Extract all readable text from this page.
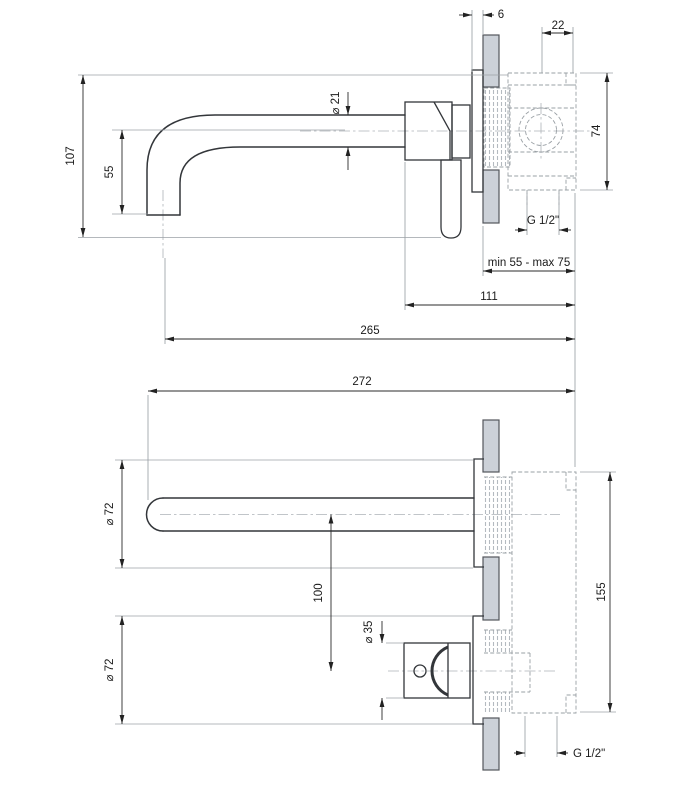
107
55
⌀ 21
6
22
74
G 1/2"
min 55 - max 75
111
265
272
⌀ 72
100
⌀ 72
⌀ 35
155
G 1/2"
